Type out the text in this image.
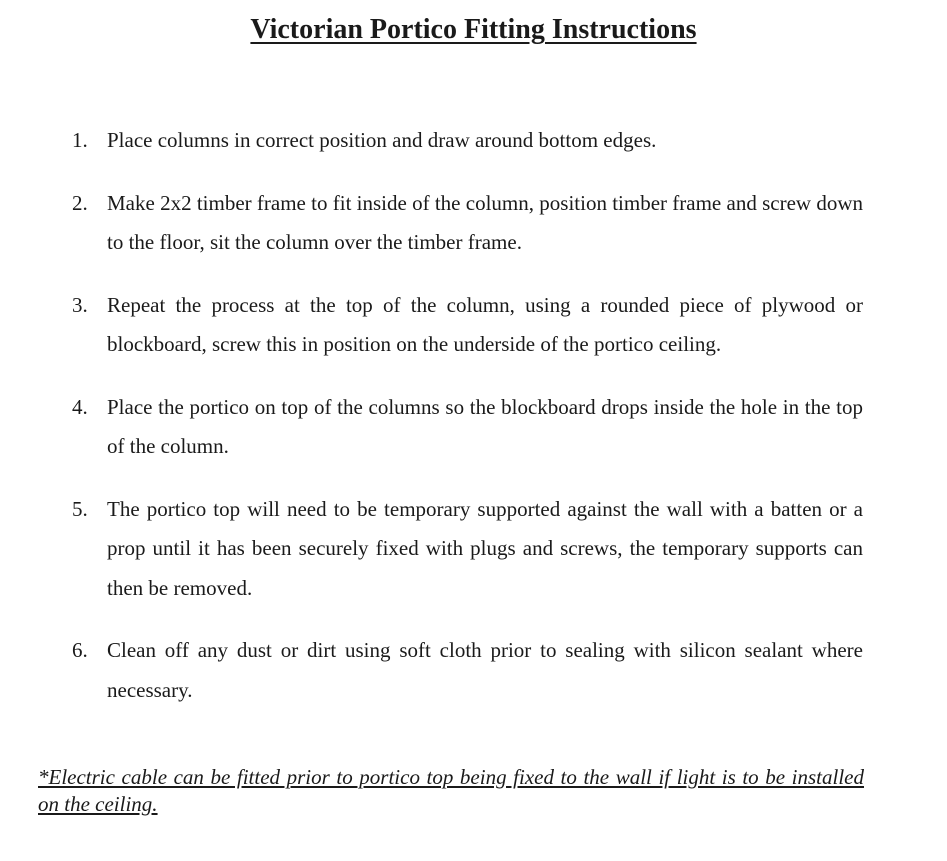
Victorian Portico Fitting Instructions
1. Place columns in correct position and draw around bottom edges.
2. Make 2x2 timber frame to fit inside of the column, position timber frame and screw down to the floor, sit the column over the timber frame.
3. Repeat the process at the top of the column, using a rounded piece of plywood or blockboard, screw this in position on the underside of the portico ceiling.
4. Place the portico on top of the columns so the blockboard drops inside the hole in the top of the column.
5. The portico top will need to be temporary supported against the wall with a batten or a prop until it has been securely fixed with plugs and screws, the temporary supports can then be removed.
6. Clean off any dust or dirt using soft cloth prior to sealing with silicon sealant where necessary.
*Electric cable can be fitted prior to portico top being fixed to the wall if light is to be installed on the ceiling.
